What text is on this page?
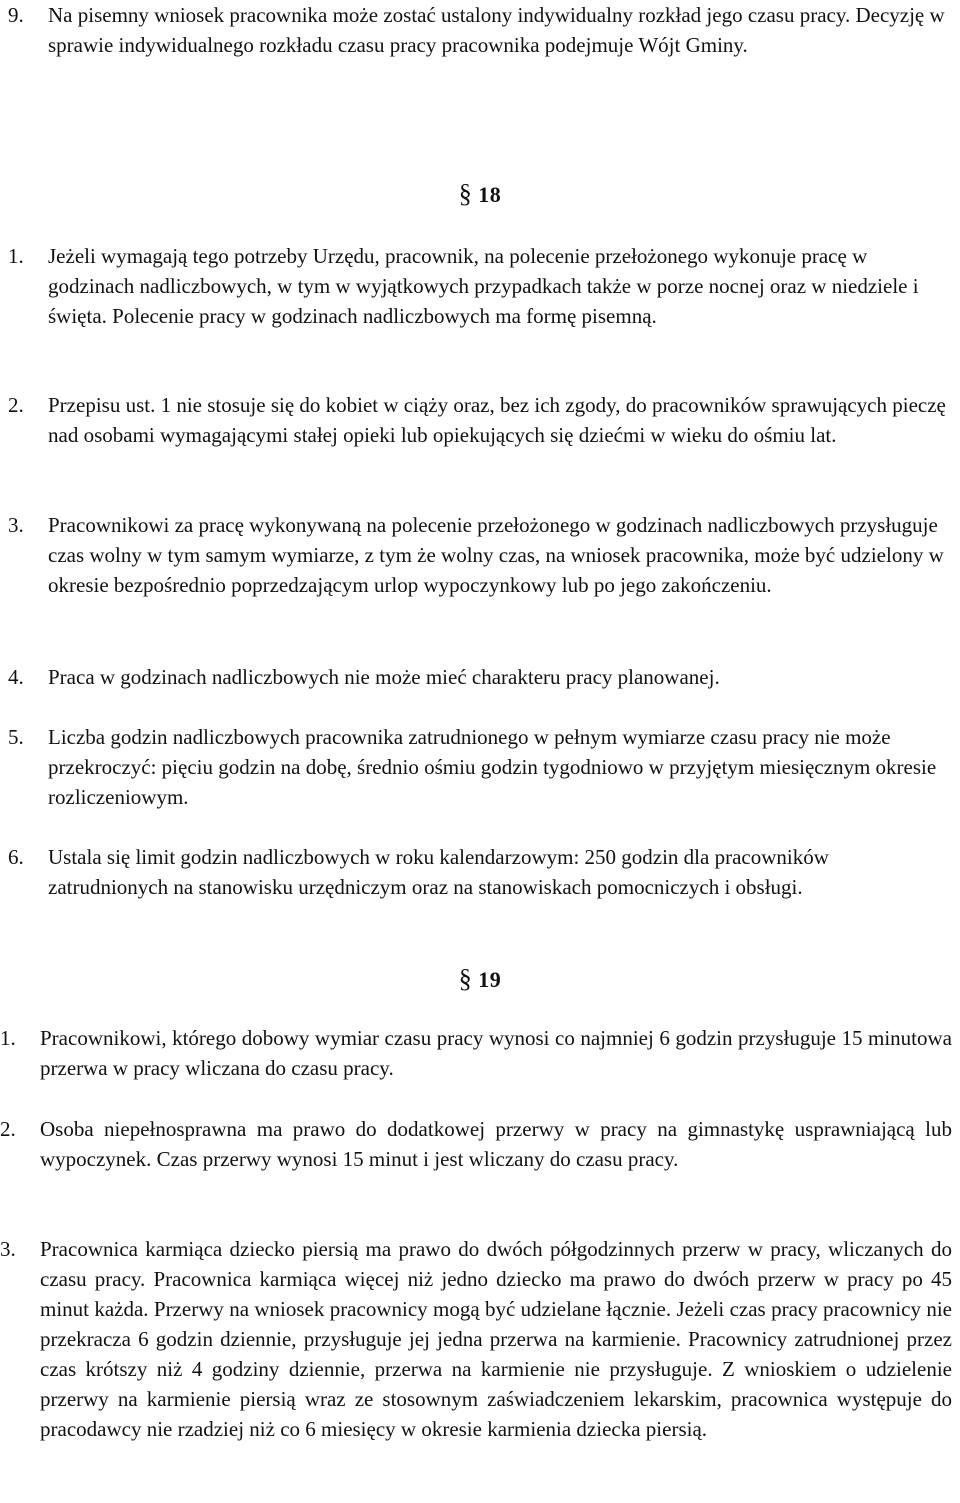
9. Na pisemny wniosek pracownika może zostać ustalony indywidualny rozkład jego czasu pracy. Decyzję w sprawie indywidualnego rozkładu czasu pracy pracownika podejmuje Wójt Gminy.
§ 18
1. Jeżeli wymagają tego potrzeby Urzędu, pracownik, na polecenie przełożonego wykonuje pracę w godzinach nadliczbowych, w tym w wyjątkowych przypadkach także w porze nocnej oraz w niedziele i święta. Polecenie pracy w godzinach nadliczbowych ma formę pisemną.
2. Przepisu ust. 1 nie stosuje się do kobiet w ciąży oraz, bez ich zgody, do pracowników sprawujących pieczę nad osobami wymagającymi stałej opieki lub opiekujących się dziećmi w wieku do ośmiu lat.
3. Pracownikowi za pracę wykonywaną na polecenie przełożonego w godzinach nadliczbowych przysługuje czas wolny w tym samym wymiarze, z tym że wolny czas, na wniosek pracownika, może być udzielony w okresie bezpośrednio poprzedzającym urlop wypoczynkowy lub po jego zakończeniu.
4. Praca w godzinach nadliczbowych nie może mieć charakteru pracy planowanej.
5. Liczba godzin nadliczbowych pracownika zatrudnionego w pełnym wymiarze czasu pracy nie może przekroczyć: pięciu godzin na dobę, średnio ośmiu godzin tygodniowo w przyjętym miesięcznym okresie rozliczeniowym.
6. Ustala się limit godzin nadliczbowych w roku kalendarzowym: 250 godzin dla pracowników zatrudnionych na stanowisku urzędniczym oraz na stanowiskach pomocniczych i obsługi.
§ 19
1. Pracownikowi, którego dobowy wymiar czasu pracy wynosi co najmniej 6 godzin przysługuje 15 minutowa przerwa w pracy wliczana do czasu pracy.
2. Osoba niepełnosprawna ma prawo do dodatkowej przerwy w pracy na gimnastykę usprawniającą lub wypoczynek. Czas przerwy wynosi 15 minut i jest wliczany do czasu pracy.
3. Pracownica karmiąca dziecko piersią ma prawo do dwóch półgodzinnych przerw w pracy, wliczanych do czasu pracy. Pracownica karmiąca więcej niż jedno dziecko ma prawo do dwóch przerw w pracy po 45 minut każda. Przerwy na wniosek pracownicy mogą być udzielane łącznie. Jeżeli czas pracy pracownicy nie przekracza 6 godzin dziennie, przysługuje jej jedna przerwa na karmienie. Pracownicy zatrudnionej przez czas krótszy niż 4 godziny dziennie, przerwa na karmienie nie przysługuje. Z wnioskiem o udzielenie przerwy na karmienie piersią wraz ze stosownym zaświadczeniem lekarskim, pracownica występuje do pracodawcy nie rzadziej niż co 6 miesięcy w okresie karmienia dziecka piersią.
